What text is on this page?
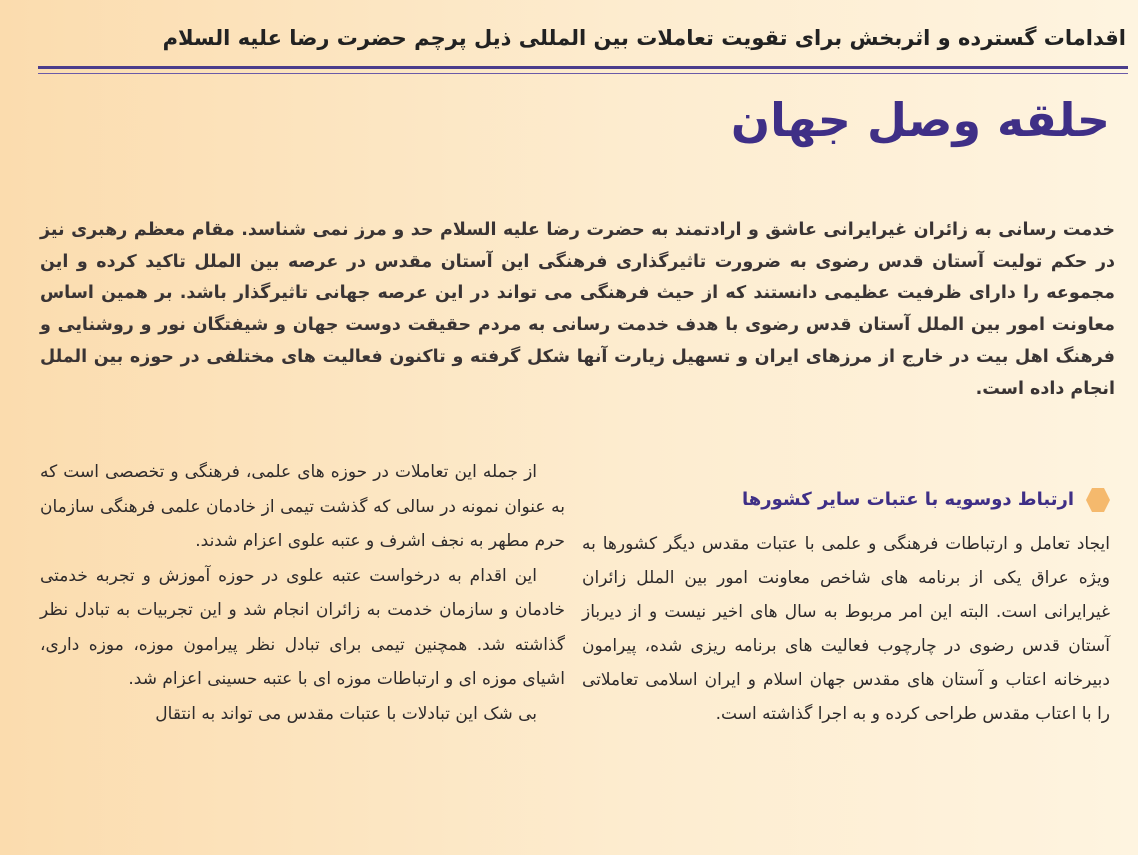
اقدامات گسترده و اثربخش برای تقویت تعاملات بین المللی ذیل پرچم حضرت رضا علیه السلام
حلقه وصل جهان
خدمت رسانی به زائران غیرایرانی عاشق و ارادتمند به حضرت رضا علیه السلام حد و مرز نمی شناسد. مقام معظم رهبری نیز در حکم تولیت آستان قدس رضوی به ضرورت تاثیرگذاری فرهنگی این آستان مقدس در عرصه بین الملل تاکید کرده و این مجموعه را دارای ظرفیت عظیمی دانستند که از حیث فرهنگی می تواند در این عرصه جهانی تاثیرگذار باشد. بر همین اساس معاونت امور بین الملل آستان قدس رضوی با هدف خدمت رسانی به مردم حقیقت دوست جهان و شیفتگان نور و روشنایی و فرهنگ اهل بیت در خارج از مرزهای ایران و تسهیل زیارت آنها شکل گرفته و تاکنون فعالیت های مختلفی در حوزه بین الملل انجام داده است.
ارتباط دوسویه با عتبات سایر کشورها
ایجاد تعامل و ارتباطات فرهنگی و علمی با عتبات مقدس دیگر کشورها به ویژه عراق یکی از برنامه های شاخص معاونت امور بین الملل زائران غیرایرانی است. البته این امر مربوط به سال های اخیر نیست و از دیرباز آستان قدس رضوی در چارچوب فعالیت های برنامه ریزی شده، پیرامون دبیرخانه اعتاب و آستان های مقدس جهان اسلام و ایران اسلامی تعاملاتی را با اعتاب مقدس طراحی کرده و به اجرا گذاشته است.

از جمله این تعاملات در حوزه های علمی، فرهنگی و تخصصی است که به عنوان نمونه در سالی که گذشت تیمی از خادمان علمی فرهنگی سازمان حرم مطهر به نجف اشرف و عتبه علوی اعزام شدند.

این اقدام به درخواست عتبه علوی در حوزه آموزش و تجربه خدمتی خادمان و سازمان خدمت به زائران انجام شد و این تجربیات به تبادل نظر گذاشته شد. همچنین تیمی برای تبادل نظر پیرامون موزه، موزه داری، اشیای موزه ای و ارتباطات موزه ای با عتبه حسینی اعزام شد.

بی شک این تبادلات با عتبات مقدس می تواند به انتقال
